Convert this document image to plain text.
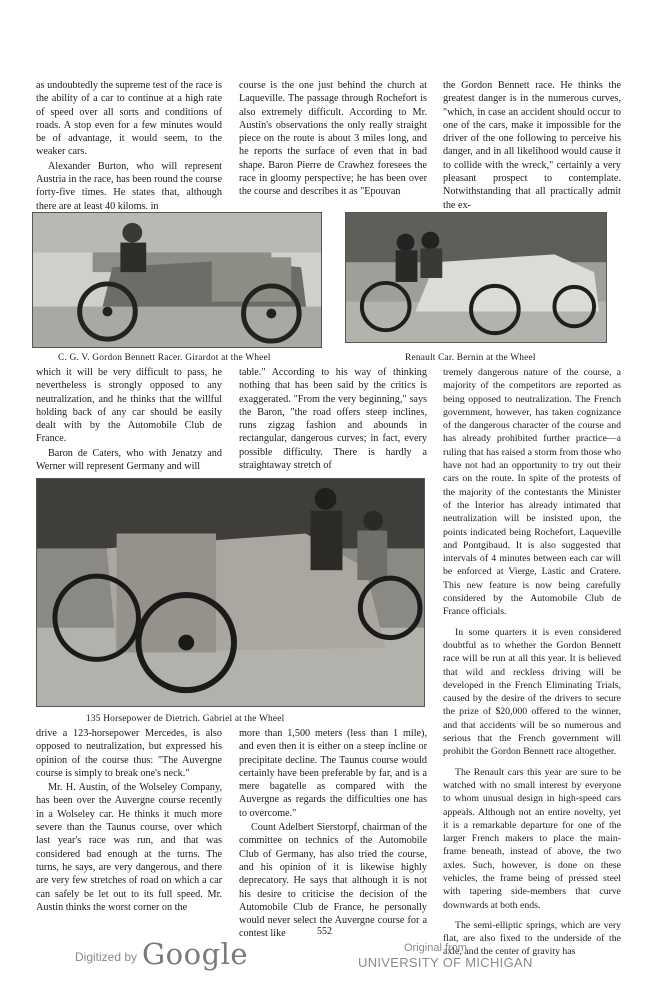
as undoubtedly the supreme test of the race is the ability of a car to continue at a high rate of speed over all sorts and conditions of roads. A stop even for a few minutes would be of advantage, it would seem, to the weaker cars.

Alexander Burton, who will represent Austria in the race, has been round the course forty-five times. He states that, although there are at least 40 kiloms. in

course is the one just behind the church at Laqueville. The passage through Rochefort is also extremely difficult. According to Mr. Austin's observations the only really straight piece on the route is about 3 miles long, and he reports the surface of even that in bad shape. Baron Pierre de Crawhez foresees the race in gloomy perspective; he has been over the course and describes it as "Epouvan

the Gordon Bennett race. He thinks the greatest danger is in the numerous curves, "which, in case an accident should occur to one of the cars, make it impossible for the driver of the one following to perceive his danger, and in all likelihood would cause it to collide with the wreck," certainly a very pleasant prospect to contemplate. Notwithstanding that all practically admit the ex-

C. G. V. Gordon Bennett Racer. Girardot at the Wheel	Renault Car. Bernin at the Wheel

which it will be very difficult to pass, he nevertheless is strongly opposed to any neutralization, and he thinks that the willful holding back of any car should be easily dealt with by the Automobile Club de France.

Baron de Caters, who with Jenatzy and Werner will represent Germany and will

table." According to his way of thinking nothing that has been said by the critics is exaggerated. "From the very beginning," says the Baron, "the road offers steep inclines, runs zigzag fashion and abounds in rectangular, dangerous curves; in fact, every possible difficulty. There is hardly a straightaway stretch of

135 Horsepower de Dietrich. Gabriel at the Wheel

tremely dangerous nature of the course, a majority of the competitors are reported as being opposed to neutralization. The French government, however, has taken cognizance of the dangerous character of the course and has already prohibited further practice—a ruling that has raised a storm from those who have not had an opportunity to try out their cars on the route. In spite of the protests of the majority of the contestants the Minister of the Interior has already intimated that neutralization will be insisted upon, the points indicated being Rochefort, Laqueville and Pontgibaud. It is also suggested that intervals of 4 minutes between each car will be enforced at Vierge, Lastic and Cratere. This new feature is now being carefully considered by the Automobile Club de France officials.

In some quarters it is even considered doubtful as to whether the Gordon Bennett race will be run at all this year. It is believed that wild and reckless driving will be developed in the French Eliminating Trials, caused by the desire of the drivers to secure the prize of $20,000 offered to the winner, and that accidents will be so numerous and serious that the French government will prohibit the Gordon Bennett race altogether.

The Renault cars this year are sure to be watched with no small interest by everyone to whom unusual design in high-speed cars appeals. Although not an entire novelty, yet it is a remarkable departure for one of the larger French makers to place the main-frame beneath, instead of above, the two axles. Such, however, is done on these vehicles, the frame being of pressed steel with tapering side-members that curve downwards at both ends.

The semi-elliptic springs, which are very flat, are also fixed to the underside of the axle, and the center of gravity has

drive a 123-horsepower Mercedes, is also opposed to neutralization, but expressed his opinion of the course thus: "The Auvergne course is simply to break one's neck."

Mr. H. Austin, of the Wolseley Company, has been over the Auvergne course recently in a Wolseley car. He thinks it much more severe than the Taunus course, over which last year's race was run, and that was considered bad enough at the turns. The turns, he says, are very dangerous, and there are very few stretches of road on which a car can safely be let out to its full speed. Mr. Austin thinks the worst corner on the

more than 1,500 meters (less than 1 mile), and even then it is either on a steep incline or precipitate decline. The Taunus course would certainly have been preferable by far, and is a mere bagatelle as compared with the Auvergne as regards the difficulties one has to overcome."

Count Adelbert Sierstorpf, chairman of the committee on technics of the Automobile Club of Germany, has also tried the course, and his opinion of it is likewise highly deprecatory. He says that although it is not his desire to criticise the decision of the Automobile Club de France, he personally would never select the Auvergne course for a contest like	552
Digitized by Google	Original from
UNIVERSITY OF MICHIGAN
